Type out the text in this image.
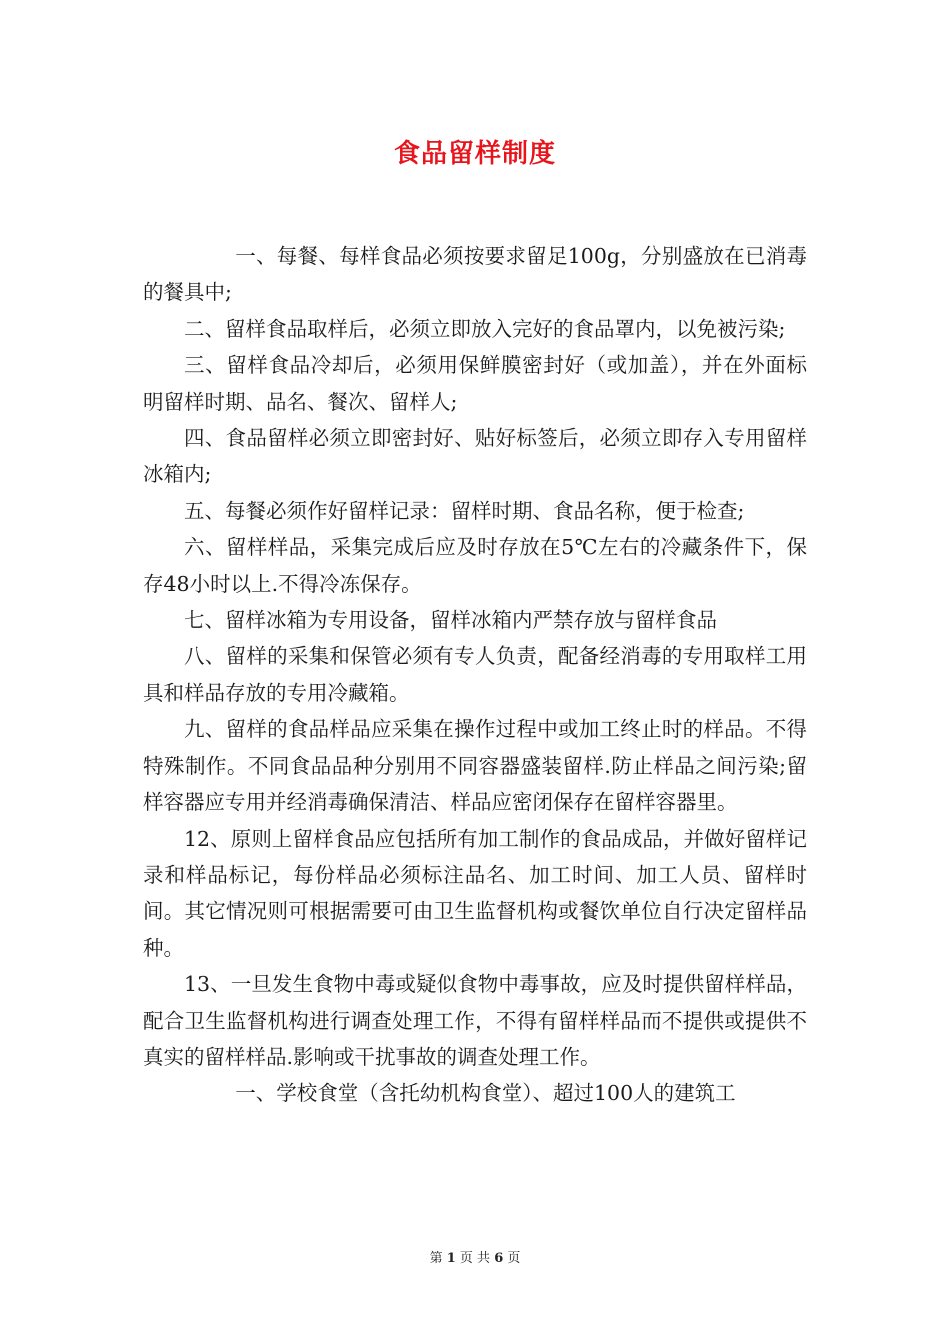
食品留样制度

一、每餐、每样食品必须按要求留足100g，分别盛放在已消毒的餐具中;

二、留样食品取样后，必须立即放入完好的食品罩内，以免被污染;

三、留样食品冷却后，必须用保鲜膜密封好（或加盖），并在外面标明留样时期、品名、餐次、留样人;

四、食品留样必须立即密封好、贴好标签后，必须立即存入专用留样冰箱内;

五、每餐必须作好留样记录：留样时期、食品名称，便于检查;

六、留样样品，采集完成后应及时存放在5℃左右的冷藏条件下，保存48小时以上.不得冷冻保存。

七、留样冰箱为专用设备，留样冰箱内严禁存放与留样食品

八、留样的采集和保管必须有专人负责，配备经消毒的专用取样工用具和样品存放的专用冷藏箱。

九、留样的食品样品应采集在操作过程中或加工终止时的样品。不得特殊制作。不同食品品种分别用不同容器盛装留样.防止样品之间污染;留样容器应专用并经消毒确保清洁、样品应密闭保存在留样容器里。

12、原则上留样食品应包括所有加工制作的食品成品，并做好留样记录和样品标记，每份样品必须标注品名、加工时间、加工人员、留样时间。其它情况则可根据需要可由卫生监督机构或餐饮单位自行决定留样品种。

13、一旦发生食物中毒或疑似食物中毒事故，应及时提供留样样品，配合卫生监督机构进行调查处理工作，不得有留样样品而不提供或提供不真实的留样样品.影响或干扰事故的调查处理工作。

一、学校食堂（含托幼机构食堂）、超过100人的建筑工

第 1 页 共 6 页
